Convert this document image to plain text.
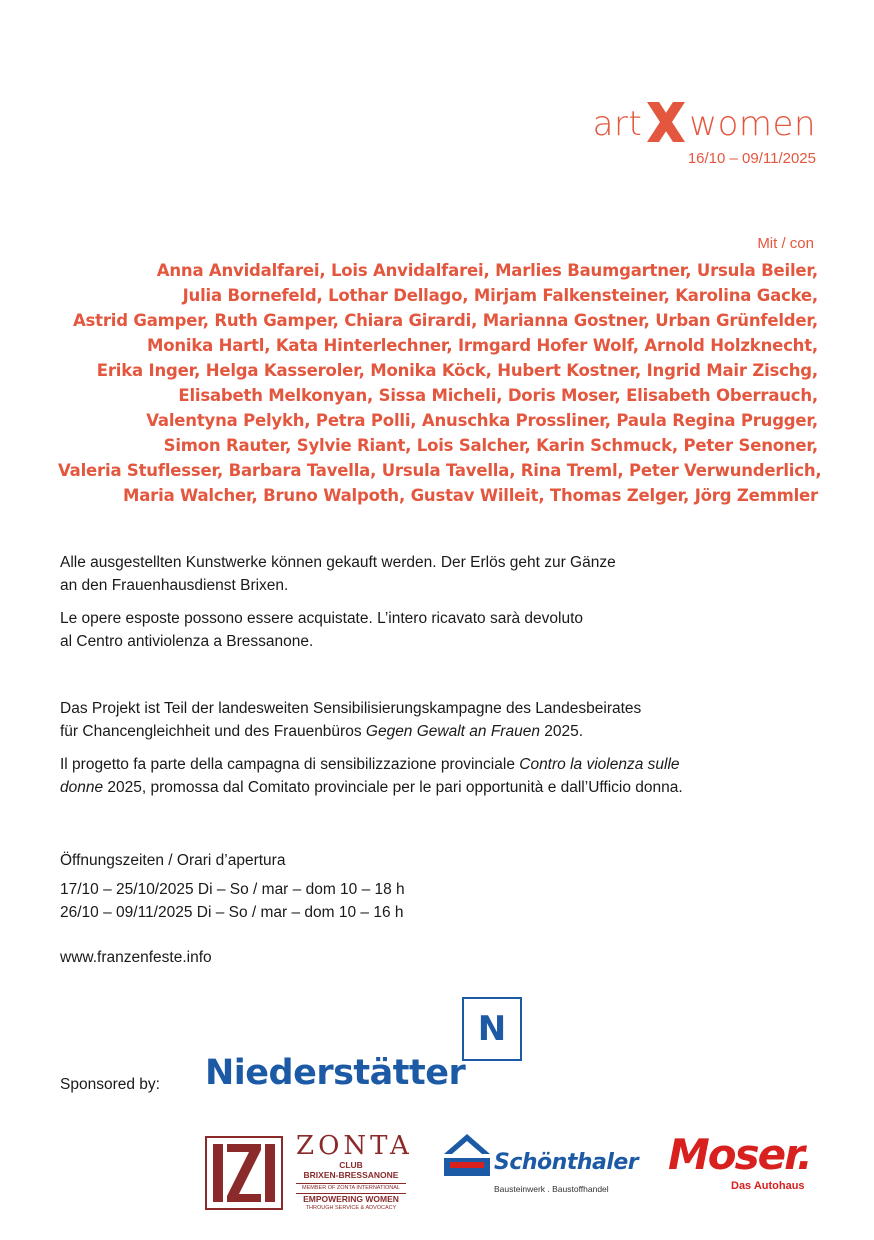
art women
16/10 – 09/11/2025
Mit / con
Anna Anvidalfarei, Lois Anvidalfarei, Marlies Baumgartner, Ursula Beiler,
Julia Bornefeld, Lothar Dellago, Mirjam Falkensteiner, Karolina Gacke,
Astrid Gamper, Ruth Gamper, Chiara Girardi, Marianna Gostner, Urban Grünfelder,
Monika Hartl, Kata Hinterlechner, Irmgard Hofer Wolf, Arnold Holzknecht,
Erika Inger, Helga Kasseroler, Monika Köck, Hubert Kostner, Ingrid Mair Zischg,
Elisabeth Melkonyan, Sissa Micheli, Doris Moser, Elisabeth Oberrauch,
Valentyna Pelykh, Petra Polli, Anuschka Prossliner, Paula Regina Prugger,
Simon Rauter, Sylvie Riant, Lois Salcher, Karin Schmuck, Peter Senoner,
Valeria Stuflesser, Barbara Tavella, Ursula Tavella, Rina Treml, Peter Verwunderlich,
Maria Walcher, Bruno Walpoth, Gustav Willeit, Thomas Zelger, Jörg Zemmler
Alle ausgestellten Kunstwerke können gekauft werden. Der Erlös geht zur Gänze
an den Frauenhausdienst Brixen.
Le opere esposte possono essere acquistate. L’intero ricavato sarà devoluto
al Centro antiviolenza a Bressanone.
Das Projekt ist Teil der landesweiten Sensibilisierungskampagne des Landesbeirates
für Chancengleichheit und des Frauenbüros Gegen Gewalt an Frauen 2025.
Il progetto fa parte della campagna di sensibilizzazione provinciale Contro la violenza sulle
donne 2025, promossa dal Comitato provinciale per le pari opportunità e dall’Ufficio donna.
Öffnungszeiten / Orari d’apertura
17/10 – 25/10/2025 Di – So / mar – dom 10 – 18 h
26/10 – 09/11/2025 Di – So / mar – dom 10 – 16 h
www.franzenfeste.info
Sponsored by:
N
Niederstätter
ZONTA
CLUB
BRIXEN-BRESSANONE
MEMBER OF ZONTA INTERNATIONAL
EMPOWERING WOMEN
THROUGH SERVICE & ADVOCACY
Schönthaler
Bausteinwerk . Baustoffhandel
Moser.
Das Autohaus
